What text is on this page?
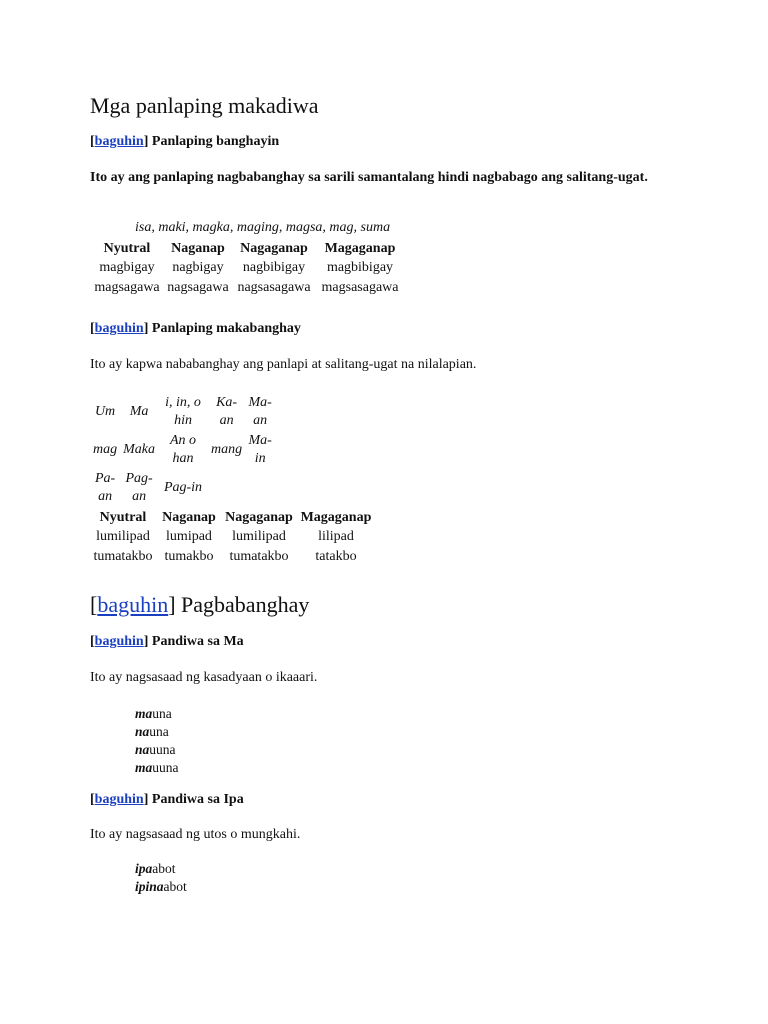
Mga panlaping makadiwa
[baguhin] Panlaping banghayin
Ito ay ang panlaping nagbabanghay sa sarili samantalang hindi nagbabago ang salitang-ugat.
isa, maki, magka, maging, magsa, mag, suma
Nyutral	Naganap	Nagaganap	Magaganap
magbigay	nagbigay	nagbibigay	magbibigay
magsagawa	nagsagawa	nagsasagawa	magsasagawa
[baguhin] Panlaping makabanghay
Ito ay kapwa nababanghay ang panlapi at salitang-ugat na nilalapian.
Um	Ma	i, in, o hin	Ka-an	Ma-an
mag	Maka	An o han	mang	Ma-in
Pa-an	Pag-an	Pag-in		
Nyutral	Naganap	Nagaganap	Magaganap
lumilipad	lumipad	lumilipad	lilipad
tumatakbo	tumakbo	tumatakbo	tatakbo
[baguhin] Pagbabanghay
[baguhin] Pandiwa sa Ma
Ito ay nagsasaad ng kasadyaan o ikaaari.
mauna
nauna
nauuna
mauuna
[baguhin] Pandiwa sa Ipa
Ito ay nagsasaad ng utos o mungkahi.
ipaabot
ipinaabot
